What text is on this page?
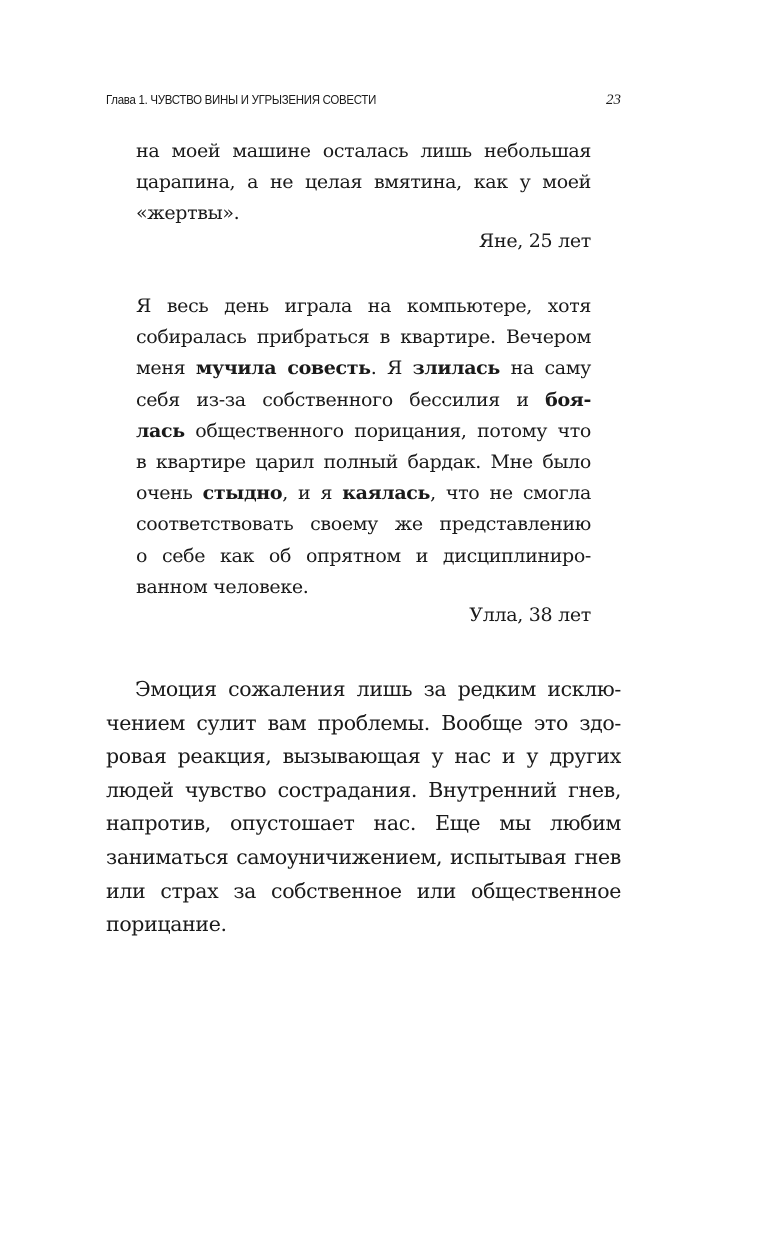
Глава 1. ЧУВСТВО ВИНЫ И УГРЫЗЕНИЯ СОВЕСТИ	23
на моей машине осталась лишь небольшая
царапина, а не целая вмятина, как у моей
«жертвы».
Яне, 25 лет
Я весь день играла на компьютере, хотя
собиралась прибраться в квартире. Вечером
меня мучила совесть. Я злилась на саму
себя из-за собственного бессилия и боя-
лась общественного порицания, потому что
в квартире царил полный бардак. Мне было
очень стыдно, и я каялась, что не смогла
соответствовать своему же представлению
о себе как об опрятном и дисциплиниро-
ванном человеке.
Улла, 38 лет
Эмоция сожаления лишь за редким исклю-
чением сулит вам проблемы. Вообще это здо-
ровая реакция, вызывающая у нас и у других
людей чувство сострадания. Внутренний гнев,
напротив, опустошает нас. Еще мы любим
заниматься самоуничижением, испытывая гнев
или страх за собственное или общественное
порицание.
